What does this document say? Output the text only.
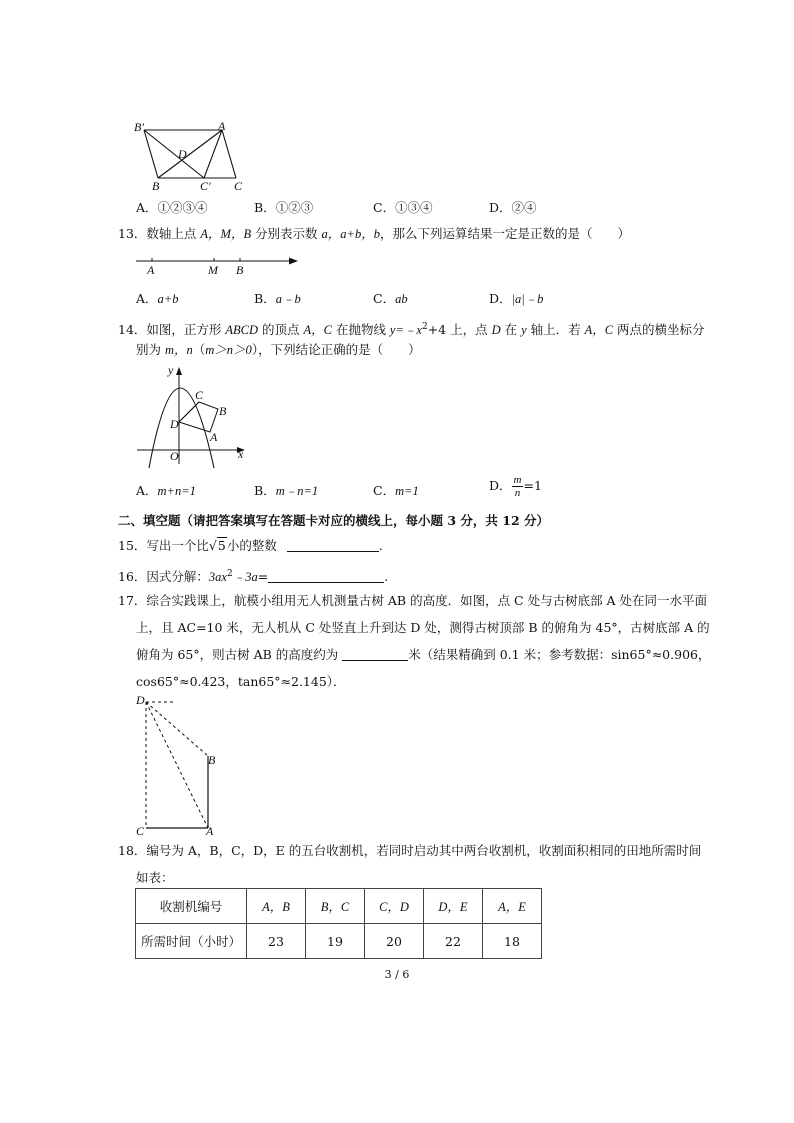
B′	A
D
B	C′ C
A．①②③④	B．①②③	C．①③④	D．②④
13．数轴上点 A，M，B 分别表示数 a，a+b，b，那么下列运算结果一定是正数的是（　　）
A	M B
A．a+b	B．a﹣b	C．ab	D．|a|﹣b
14．如图，正方形 ABCD 的顶点 A，C 在抛物线 $y=﹣x^2+4$ 上，点 D 在 y 轴上．若 A，C 两点的横坐标分
别为 m，n（m＞n＞0），下列结论正确的是（　　）
y
x
O
C
B
D
A
A．m+n=1	B．m﹣n=1	C．m=1	D． $\frac{m}{n} =1$
二、填空题（请把答案填写在答题卡对应的横线上，每小题 3 分，共 12 分）
15．写出一个比√5小的整数	.
16．因式分解：$3ax^2﹣3a=$	.
17．综合实践课上，航模小组用无人机测量古树 AB 的高度．如图，点 C 处与古树底部 A 处在同一水平面
上，且 AC=10 米，无人机从 C 处竖直上升到达 D 处，测得古树顶部 B 的俯角为 45°，古树底部 A 的
俯角为 65°，则古树 AB 的高度约为	米（结果精确到 0.1 米；参考数据：sin65°≈0.906，
cos65°≈0.423，tan65°≈2.145）．
D
B
C	A
18．编号为 A，B，C，D，E 的五台收割机，若同时启动其中两台收割机，收割面积相同的田地所需时间
如表：
收割机编号	A，B	B，C	C，D	D，E	A，E
所需时间（小时）	23	19	20	22	18
3 / 6
